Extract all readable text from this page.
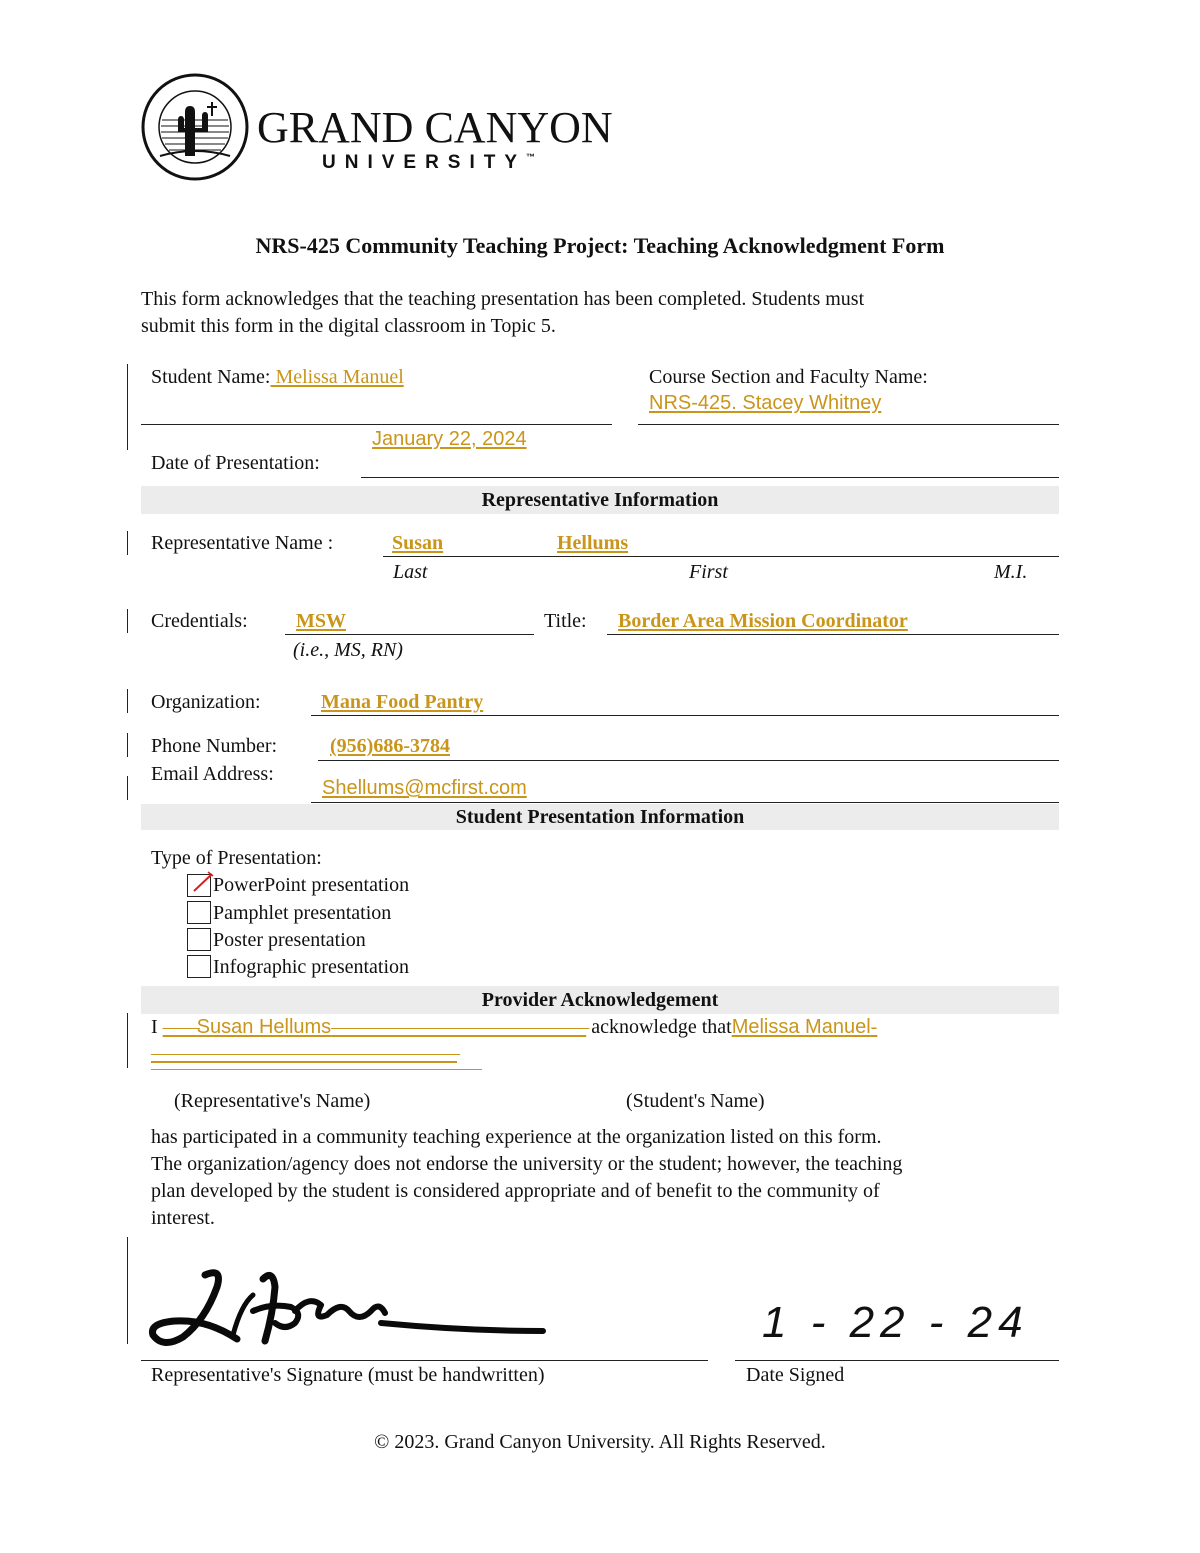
GRAND CANYON
UNIVERSITY™
NRS-425 Community Teaching Project: Teaching Acknowledgment Form
This form acknowledges that the teaching presentation has been completed. Students must
submit this form in the digital classroom in Topic 5.
Student Name: Melissa Manuel	Course Section and Faculty Name:
NRS-425. Stacey Whitney
Date of Presentation:
January 22, 2024
Representative Information
Representative Name :	Susan	Hellums
Last	First	M.I.
Credentials: MSW
(i.e., MS, RN)
Title: Border Area Mission Coordinator
Organization:	Mana Food Pantry
Phone Number:	(956)686-3784
Email Address:
Shellums@mcfirst.com
Student Presentation Information
Type of Presentation:
PowerPoint presentation
Pamphlet presentation
Poster presentation
Infographic presentation
Provider Acknowledgement
I ——Susan Hellums——————————————— acknowledge thatMelissa Manuel-
——————————————————
(Representative's Name)	(Student's Name)
has participated in a community teaching experience at the organization listed on this form.
The organization/agency does not endorse the university or the student; however, the teaching
plan developed by the student is considered appropriate and of benefit to the community of
interest.
Representative's Signature (must be handwritten)
1 - 22 - 24
Date Signed
© 2023. Grand Canyon University. All Rights Reserved.
